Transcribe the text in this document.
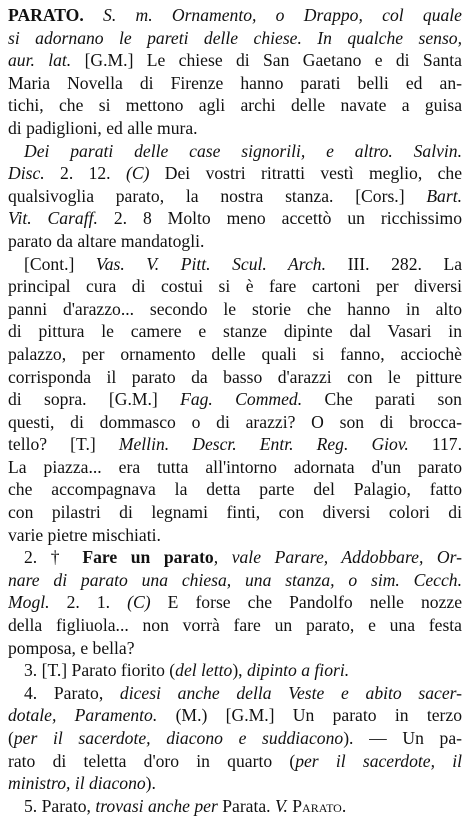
PARATO. S. m. Ornamento, o Drappo, col quale
si adornano le pareti delle chiese. In qualche senso,
aur. lat. [G.M.] Le chiese di San Gaetano e di Santa
Maria Novella di Firenze hanno parati belli ed an-
tichi, che si mettono agli archi delle navate a guisa
di padiglioni, ed alle mura.
Dei parati delle case signorili, e altro. Salvin.
Disc. 2. 12. (C) Dei vostri ritratti vestì meglio, che
qualsivoglia parato, la nostra stanza. [Cors.] Bart.
Vit. Caraff. 2. 8 Molto meno accettò un ricchissimo
parato da altare mandatogli.
[Cont.] Vas. V. Pitt. Scul. Arch. III. 282. La
principal cura di costui si è fare cartoni per diversi
panni d'arazzo... secondo le storie che hanno in alto
di pittura le camere e stanze dipinte dal Vasari in
palazzo, per ornamento delle quali si fanno, acciochè
corrisponda il parato da basso d'arazzi con le pitture
di sopra. [G.M.] Fag. Commed. Che parati son
questi, di dommasco o di arazzi? O son di brocca-
tello? [T.] Mellin. Descr. Entr. Reg. Giov. 117.
La piazza... era tutta all'intorno adornata d'un parato
che accompagnava la detta parte del Palagio, fatto
con pilastri di legnami finti, con diversi colori di
varie pietre mischiati.
2. † Fare un parato, vale Parare, Addobbare, Or-
nare di parato una chiesa, una stanza, o sim. Cecch.
Mogl. 2. 1. (C) E forse che Pandolfo nelle nozze
della figliuola... non vorrà fare un parato, e una festa
pomposa, e bella?
3. [T.] Parato fiorito (del letto), dipinto a fiori.
4. Parato, dicesi anche della Veste e abito sacer-
dotale, Paramento. (M.) [G.M.] Un parato in terzo
(per il sacerdote, diacono e suddiacono). — Un pa-
rato di teletta d'oro in quarto (per il sacerdote, il
ministro, il diacono).
5. Parato, trovasi anche per Parata. V. Parato.
